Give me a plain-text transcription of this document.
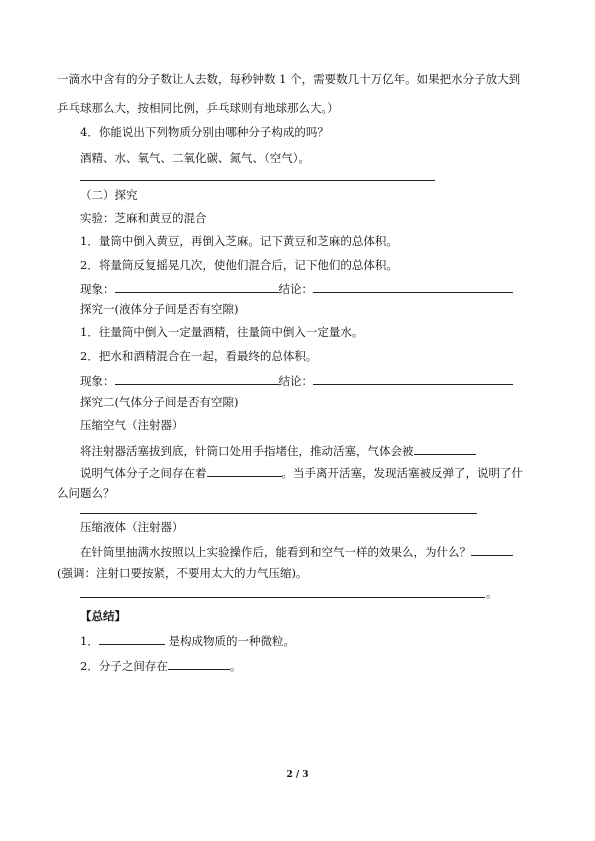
一滴水中含有的分子数让人去数，每秒钟数 1 个，需要数几十万亿年。如果把水分子放大到
乒乓球那么大，按相同比例，乒乓球则有地球那么大。）
4．你能说出下列物质分别由哪种分子构成的吗？
酒精、水、氧气、二氧化碳、氮气、（空气）。
（二）探究
实验：芝麻和黄豆的混合
1．量筒中倒入黄豆，再倒入芝麻。记下黄豆和芝麻的总体积。
2．将量筒反复摇晃几次，使他们混合后，记下他们的总体积。
现象：	结论：
探究一(液体分子间是否有空隙)
1．往量筒中倒入一定量酒精，往量筒中倒入一定量水。
2．把水和酒精混合在一起，看最终的总体积。
现象：	结论：
探究二(气体分子间是否有空隙)
压缩空气（注射器）
将注射器活塞拔到底，针筒口处用手指堵住，推动活塞，气体会被
说明气体分子之间存在着	。当手离开活塞，发现活塞被反弹了，说明了什
么问题么？
压缩液体（注射器）
在针筒里抽满水按照以上实验操作后，能看到和空气一样的效果么，为什么？
(强调：注射口要按紧，不要用太大的力气压缩)。
。
【总结】
1．	是构成物质的一种微粒。
2．分子之间存在	。
2 / 3
